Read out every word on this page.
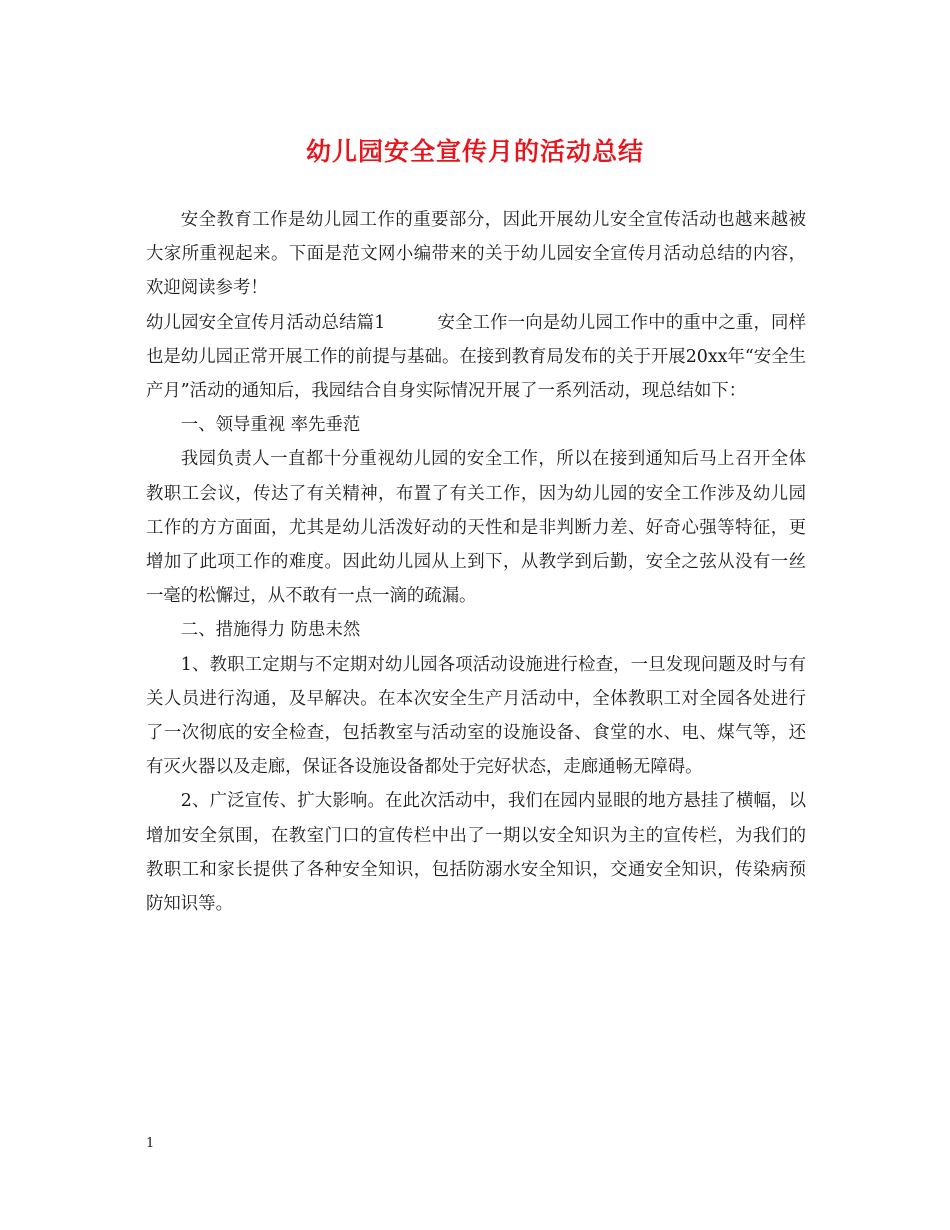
幼儿园安全宣传月的活动总结

安全教育工作是幼儿园工作的重要部分，因此开展幼儿安全宣传活动也越来越被大家所重视起来。下面是范文网小编带来的关于幼儿园安全宣传月活动总结的内容，欢迎阅读参考！

幼儿园安全宣传月活动总结篇1	安全工作一向是幼儿园工作中的重中之重，同样也是幼儿园正常开展工作的前提与基础。在接到教育局发布的关于开展20xx年“安全生产月”活动的通知后，我园结合自身实际情况开展了一系列活动，现总结如下：

一、领导重视 率先垂范

我园负责人一直都十分重视幼儿园的安全工作，所以在接到通知后马上召开全体教职工会议，传达了有关精神，布置了有关工作，因为幼儿园的安全工作涉及幼儿园工作的方方面面，尤其是幼儿活泼好动的天性和是非判断力差、好奇心强等特征，更增加了此项工作的难度。因此幼儿园从上到下，从教学到后勤，安全之弦从没有一丝一毫的松懈过，从不敢有一点一滴的疏漏。

二、措施得力 防患未然

1、教职工定期与不定期对幼儿园各项活动设施进行检查，一旦发现问题及时与有关人员进行沟通，及早解决。在本次安全生产月活动中，全体教职工对全园各处进行了一次彻底的安全检查，包括教室与活动室的设施设备、食堂的水、电、煤气等，还有灭火器以及走廊，保证各设施设备都处于完好状态，走廊通畅无障碍。

2、广泛宣传、扩大影响。在此次活动中，我们在园内显眼的地方悬挂了横幅，以增加安全氛围，在教室门口的宣传栏中出了一期以安全知识为主的宣传栏，为我们的教职工和家长提供了各种安全知识，包括防溺水安全知识，交通安全知识，传染病预防知识等。

1
